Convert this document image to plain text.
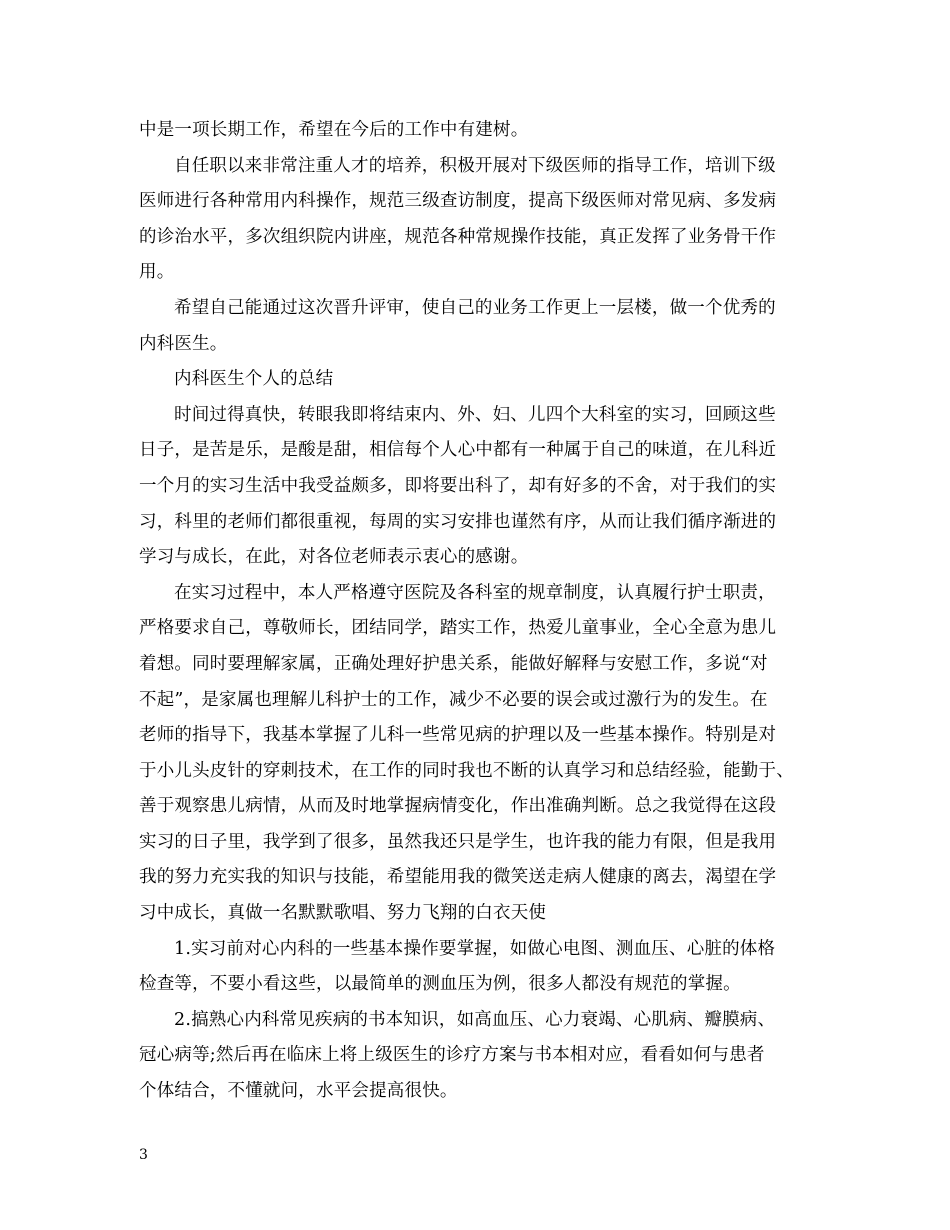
中是一项长期工作，希望在今后的工作中有建树。
自任职以来非常注重人才的培养，积极开展对下级医师的指导工作，培训下级
医师进行各种常用内科操作，规范三级查访制度，提高下级医师对常见病、多发病
的诊治水平，多次组织院内讲座，规范各种常规操作技能，真正发挥了业务骨干作
用。
希望自己能通过这次晋升评审，使自己的业务工作更上一层楼，做一个优秀的
内科医生。
内科医生个人的总结
时间过得真快，转眼我即将结束内、外、妇、儿四个大科室的实习，回顾这些
日子，是苦是乐，是酸是甜，相信每个人心中都有一种属于自己的味道，在儿科近
一个月的实习生活中我受益颇多，即将要出科了，却有好多的不舍，对于我们的实
习，科里的老师们都很重视，每周的实习安排也谨然有序，从而让我们循序渐进的
学习与成长，在此，对各位老师表示衷心的感谢。
在实习过程中，本人严格遵守医院及各科室的规章制度，认真履行护士职责，
严格要求自己，尊敬师长，团结同学，踏实工作，热爱儿童事业，全心全意为患儿
着想。同时要理解家属，正确处理好护患关系，能做好解释与安慰工作，多说“对
不起”，是家属也理解儿科护士的工作，减少不必要的误会或过激行为的发生。在
老师的指导下，我基本掌握了儿科一些常见病的护理以及一些基本操作。特别是对
于小儿头皮针的穿刺技术，在工作的同时我也不断的认真学习和总结经验，能勤于、
善于观察患儿病情，从而及时地掌握病情变化，作出准确判断。总之我觉得在这段
实习的日子里，我学到了很多，虽然我还只是学生，也许我的能力有限，但是我用
我的努力充实我的知识与技能，希望能用我的微笑送走病人健康的离去，渴望在学
习中成长，真做一名默默歌唱、努力飞翔的白衣天使
1.实习前对心内科的一些基本操作要掌握，如做心电图、测血压、心脏的体格
检查等，不要小看这些，以最简单的测血压为例，很多人都没有规范的掌握。
2.搞熟心内科常见疾病的书本知识，如高血压、心力衰竭、心肌病、瓣膜病、
冠心病等;然后再在临床上将上级医生的诊疗方案与书本相对应，看看如何与患者
个体结合，不懂就问，水平会提高很快。
3
